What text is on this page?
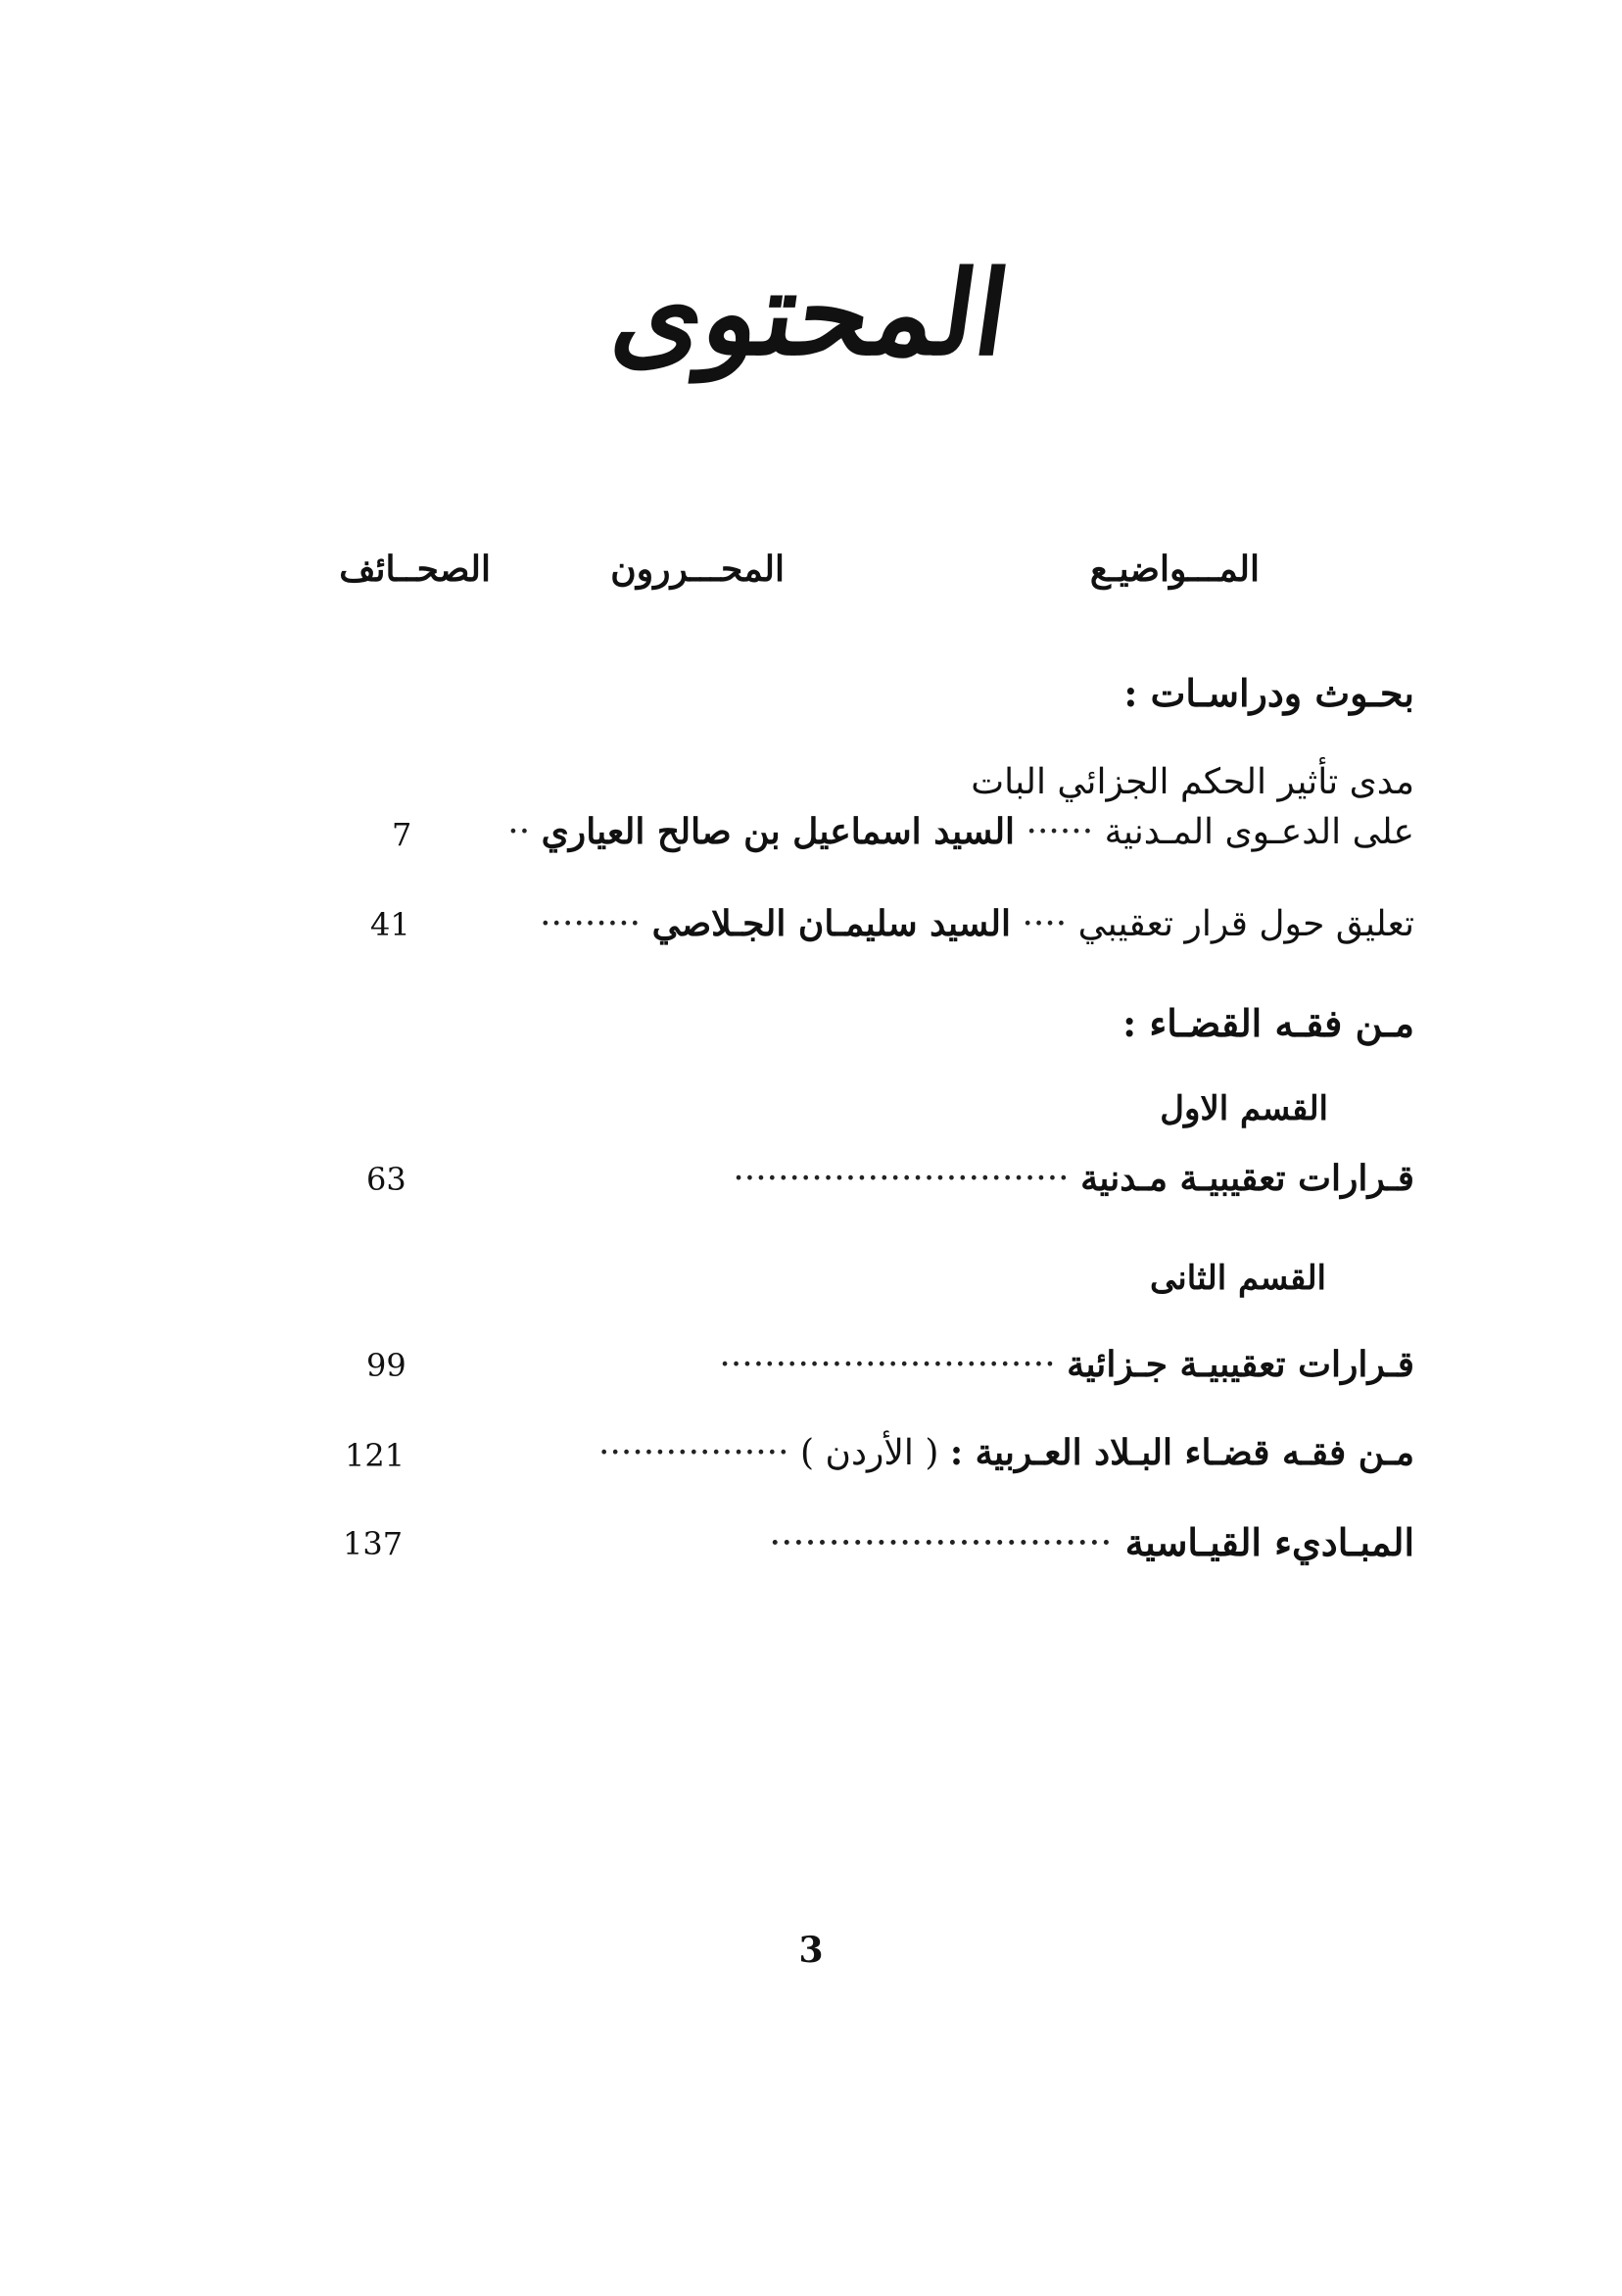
المحتوى
المـــواضيـع
المحـــررون
الصحــائف
بحـوث ودراسـات :
مدى تأثير الحكم الجزائي البات
على الدعـوى المـدنية ······ السيد اسماعيل بن صالح العياري ··
7
تعليق حول قرار تعقيبي ···· السيد سليمـان الجـلاصي ·········
41
مـن فقـه القضـاء :
القسم الاول
قـرارات تعقيبيـة مـدنية ······························
63
القسم الثانى
قـرارات تعقيبيـة جـزائية ······························
99
مـن فقـه قضـاء البـلاد العـربية : ( الأردن ) ·················
121
المبـاديء القيـاسية ·····························
137
3
